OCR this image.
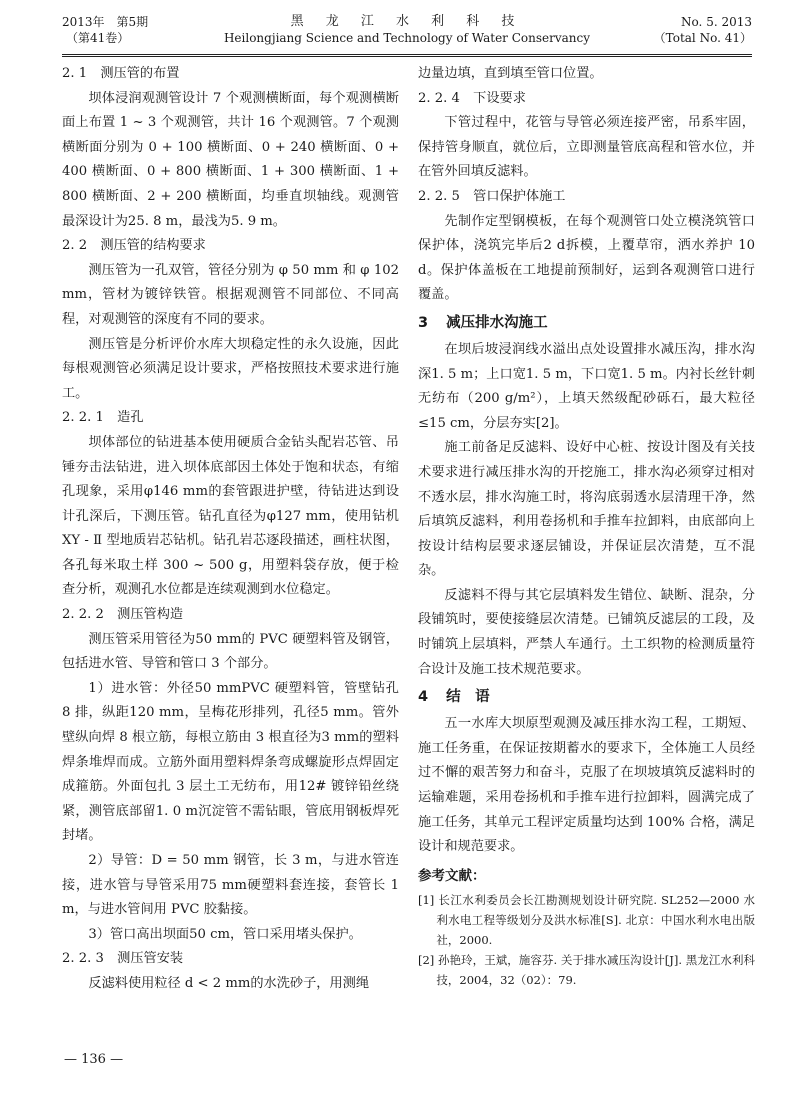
2013年　第5期
（第41卷）
黑 龙 江 水 利 科 技
Heilongjiang Science and Technology of Water Conservancy
No. 5. 2013
（Total No. 41）

2. 1　测压管的布置

坝体浸润观测管设计 7 个观测横断面，每个观测横断面上布置 1 ~ 3 个观测管，共计 16 个观测管。7 个观测横断面分别为 0 + 100 横断面、0 + 240 横断面、0 + 400 横断面、0 + 800 横断面、1 + 300 横断面、1 + 800 横断面、2 + 200 横断面，均垂直坝轴线。观测管最深设计为25. 8 m，最浅为5. 9 m。

2. 2　测压管的结构要求

测压管为一孔双管，管径分别为 φ 50 mm 和 φ 102 mm，管材为镀锌铁管。根据观测管不同部位、不同高程，对观测管的深度有不同的要求。

测压管是分析评价水库大坝稳定性的永久设施，因此每根观测管必须满足设计要求，严格按照技术要求进行施工。

2. 2. 1　造孔

坝体部位的钻进基本使用硬质合金钻头配岩芯管、吊锤夯击法钻进，进入坝体底部因土体处于饱和状态，有缩孔现象，采用φ146 mm的套管跟进护壁，待钻进达到设计孔深后，下测压管。钻孔直径为φ127 mm，使用钻机 XY - Ⅱ 型地质岩芯钻机。钻孔岩芯逐段描述，画柱状图，各孔每米取土样 300 ~ 500 g，用塑料袋存放，便于检查分析，观测孔水位都是连续观测到水位稳定。

2. 2. 2　测压管构造

测压管采用管径为50 mm的 PVC 硬塑料管及钢管，包括进水管、导管和管口 3 个部分。

1）进水管：外径50 mmPVC 硬塑料管，管壁钻孔 8 排，纵距120 mm，呈梅花形排列，孔径5 mm。管外壁纵向焊 8 根立筋，每根立筋由 3 根直径为3 mm的塑料焊条堆焊而成。立筋外面用塑料焊条弯成螺旋形点焊固定成箍筋。外面包扎 3 层土工无纺布，用12# 镀锌铅丝绕紧，测管底部留1. 0 m沉淀管不需钻眼，管底用钢板焊死封堵。

2）导管：D = 50 mm 钢管，长 3 m，与进水管连接，进水管与导管采用75 mm硬塑料套连接，套管长 1 m，与进水管间用 PVC 胶黏接。

3）管口高出坝面50 cm，管口采用堵头保护。

2. 2. 3　测压管安装

反滤料使用粒径 d < 2 mm的水洗砂子，用测绳

边量边填，直到填至管口位置。

2. 2. 4　下设要求

下管过程中，花管与导管必须连接严密，吊系牢固，保持管身顺直，就位后，立即测量管底高程和管水位，并在管外回填反滤料。

2. 2. 5　管口保护体施工

先制作定型钢模板，在每个观测管口处立模浇筑管口保护体，浇筑完毕后2 d拆模，上覆草帘，洒水养护 10 d。保护体盖板在工地提前预制好，运到各观测管口进行覆盖。

3 减压排水沟施工

在坝后坡浸润线水溢出点处设置排水减压沟，排水沟深1. 5 m；上口宽1. 5 m，下口宽1. 5 m。内衬长丝针刺无纺布（200 g/m²），上填天然级配砂砾石，最大粒径≤15 cm，分层夯实[2]。

施工前备足反滤料、设好中心桩、按设计图及有关技术要求进行减压排水沟的开挖施工，排水沟必须穿过相对不透水层，排水沟施工时，将沟底弱透水层清理干净，然后填筑反滤料，利用卷扬机和手推车拉卸料，由底部向上按设计结构层要求逐层铺设，并保证层次清楚，互不混杂。

反滤料不得与其它层填料发生错位、缺断、混杂，分段铺筑时，要使接缝层次清楚。已铺筑反滤层的工段，及时铺筑上层填料，严禁人车通行。土工织物的检测质量符合设计及施工技术规范要求。

4 结　语

五一水库大坝原型观测及减压排水沟工程，工期短、施工任务重，在保证按期蓄水的要求下，全体施工人员经过不懈的艰苦努力和奋斗，克服了在坝坡填筑反滤料时的运输难题，采用卷扬机和手推车进行拉卸料，圆满完成了施工任务，其单元工程评定质量均达到 100% 合格，满足设计和规范要求。

参考文献：

[1] 长江水利委员会长江勘测规划设计研究院. SL252—2000 水利水电工程等级划分及洪水标准[S]. 北京：中国水利水电出版社，2000.

[2] 孙艳玲，王斌，施容芬. 关于排水减压沟设计[J]. 黑龙江水利科技，2004，32（02）：79.

— 136 —
